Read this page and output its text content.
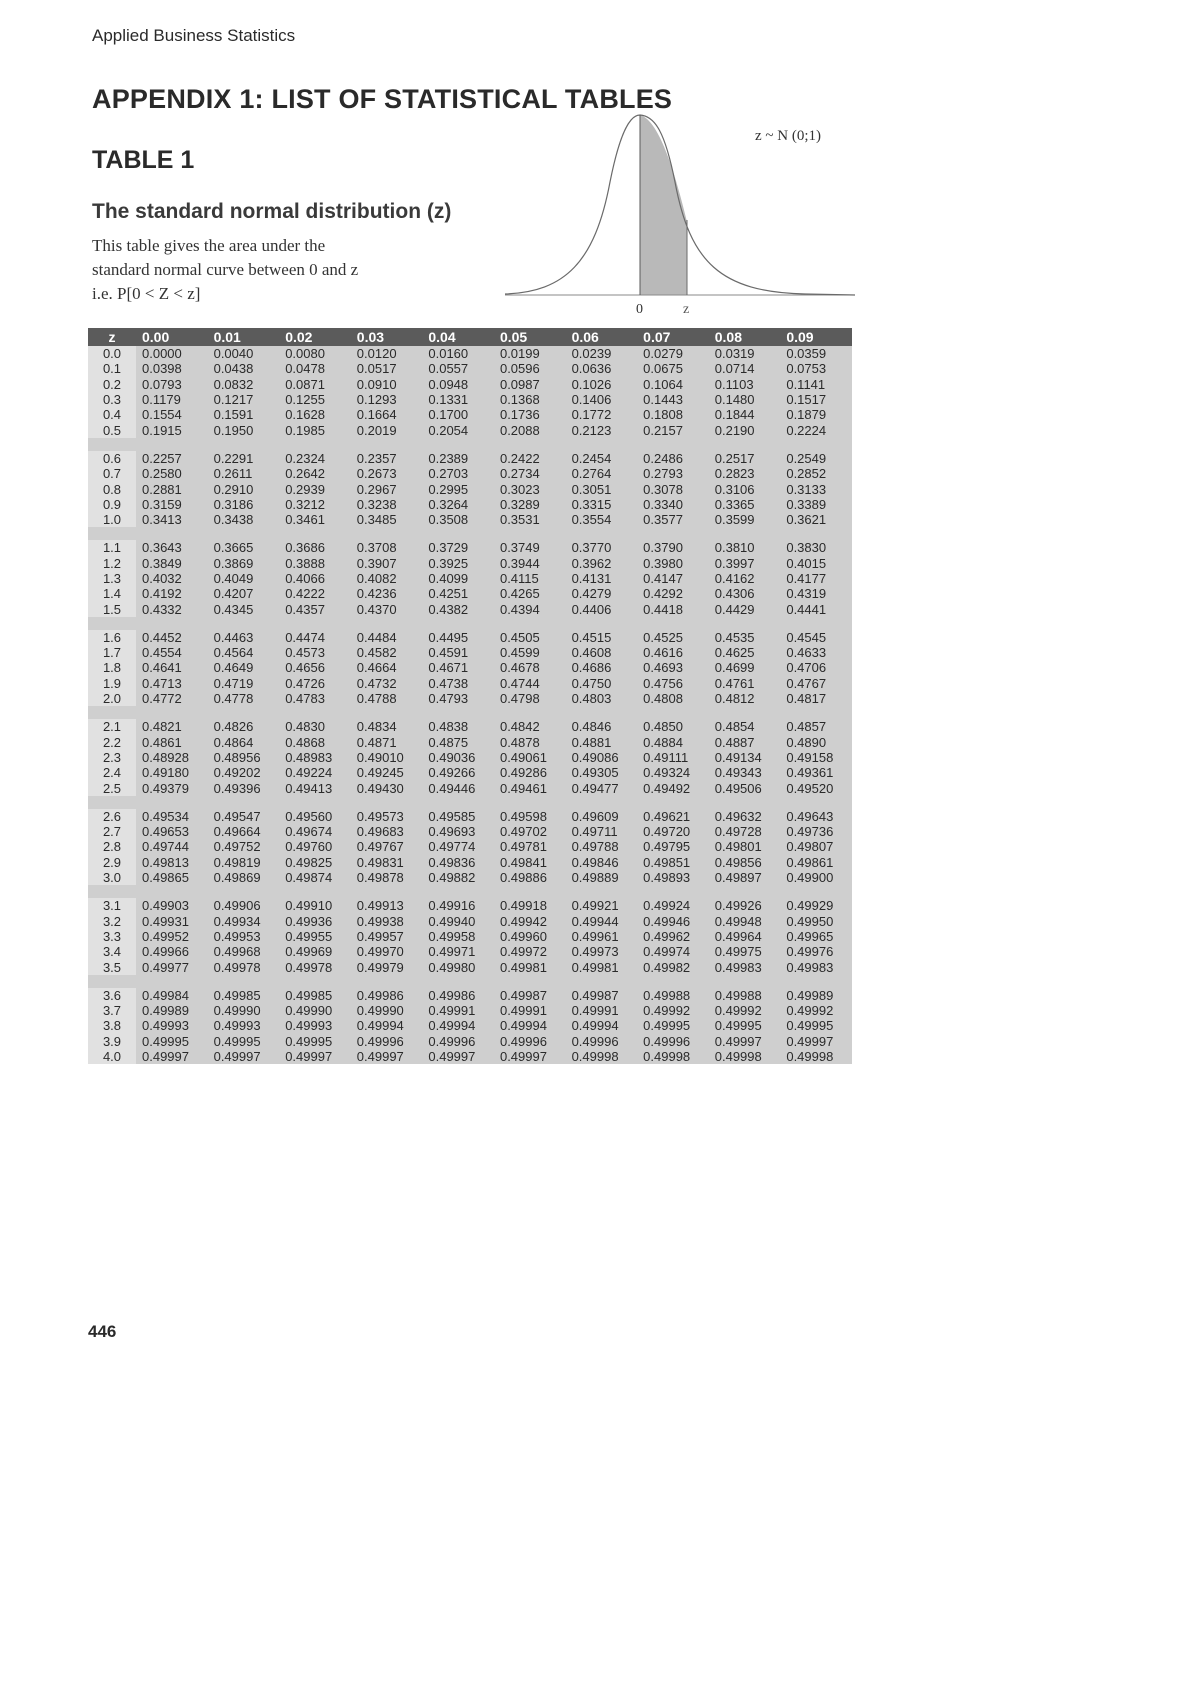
Applied Business Statistics
APPENDIX 1: LIST OF STATISTICAL TABLES
TABLE 1
The standard normal distribution (z)
This table gives the area under the
standard normal curve between 0 and z
i.e. P[0 < Z < z]
z ~ N (0;1)
0	z
z	0.00	0.01	0.02	0.03	0.04	0.05	0.06	0.07	0.08	0.09
0.0	0.0000	0.0040	0.0080	0.0120	0.0160	0.0199	0.0239	0.0279	0.0319	0.0359
0.1	0.0398	0.0438	0.0478	0.0517	0.0557	0.0596	0.0636	0.0675	0.0714	0.0753
0.2	0.0793	0.0832	0.0871	0.0910	0.0948	0.0987	0.1026	0.1064	0.1103	0.1141
0.3	0.1179	0.1217	0.1255	0.1293	0.1331	0.1368	0.1406	0.1443	0.1480	0.1517
0.4	0.1554	0.1591	0.1628	0.1664	0.1700	0.1736	0.1772	0.1808	0.1844	0.1879
0.5	0.1915	0.1950	0.1985	0.2019	0.2054	0.2088	0.2123	0.2157	0.2190	0.2224

0.6	0.2257	0.2291	0.2324	0.2357	0.2389	0.2422	0.2454	0.2486	0.2517	0.2549
0.7	0.2580	0.2611	0.2642	0.2673	0.2703	0.2734	0.2764	0.2793	0.2823	0.2852
0.8	0.2881	0.2910	0.2939	0.2967	0.2995	0.3023	0.3051	0.3078	0.3106	0.3133
0.9	0.3159	0.3186	0.3212	0.3238	0.3264	0.3289	0.3315	0.3340	0.3365	0.3389
1.0	0.3413	0.3438	0.3461	0.3485	0.3508	0.3531	0.3554	0.3577	0.3599	0.3621

1.1	0.3643	0.3665	0.3686	0.3708	0.3729	0.3749	0.3770	0.3790	0.3810	0.3830
1.2	0.3849	0.3869	0.3888	0.3907	0.3925	0.3944	0.3962	0.3980	0.3997	0.4015
1.3	0.4032	0.4049	0.4066	0.4082	0.4099	0.4115	0.4131	0.4147	0.4162	0.4177
1.4	0.4192	0.4207	0.4222	0.4236	0.4251	0.4265	0.4279	0.4292	0.4306	0.4319
1.5	0.4332	0.4345	0.4357	0.4370	0.4382	0.4394	0.4406	0.4418	0.4429	0.4441

1.6	0.4452	0.4463	0.4474	0.4484	0.4495	0.4505	0.4515	0.4525	0.4535	0.4545
1.7	0.4554	0.4564	0.4573	0.4582	0.4591	0.4599	0.4608	0.4616	0.4625	0.4633
1.8	0.4641	0.4649	0.4656	0.4664	0.4671	0.4678	0.4686	0.4693	0.4699	0.4706
1.9	0.4713	0.4719	0.4726	0.4732	0.4738	0.4744	0.4750	0.4756	0.4761	0.4767
2.0	0.4772	0.4778	0.4783	0.4788	0.4793	0.4798	0.4803	0.4808	0.4812	0.4817

2.1	0.4821	0.4826	0.4830	0.4834	0.4838	0.4842	0.4846	0.4850	0.4854	0.4857
2.2	0.4861	0.4864	0.4868	0.4871	0.4875	0.4878	0.4881	0.4884	0.4887	0.4890
2.3	0.48928	0.48956	0.48983	0.49010	0.49036	0.49061	0.49086	0.49111	0.49134	0.49158
2.4	0.49180	0.49202	0.49224	0.49245	0.49266	0.49286	0.49305	0.49324	0.49343	0.49361
2.5	0.49379	0.49396	0.49413	0.49430	0.49446	0.49461	0.49477	0.49492	0.49506	0.49520

2.6	0.49534	0.49547	0.49560	0.49573	0.49585	0.49598	0.49609	0.49621	0.49632	0.49643
2.7	0.49653	0.49664	0.49674	0.49683	0.49693	0.49702	0.49711	0.49720	0.49728	0.49736
2.8	0.49744	0.49752	0.49760	0.49767	0.49774	0.49781	0.49788	0.49795	0.49801	0.49807
2.9	0.49813	0.49819	0.49825	0.49831	0.49836	0.49841	0.49846	0.49851	0.49856	0.49861
3.0	0.49865	0.49869	0.49874	0.49878	0.49882	0.49886	0.49889	0.49893	0.49897	0.49900

3.1	0.49903	0.49906	0.49910	0.49913	0.49916	0.49918	0.49921	0.49924	0.49926	0.49929
3.2	0.49931	0.49934	0.49936	0.49938	0.49940	0.49942	0.49944	0.49946	0.49948	0.49950
3.3	0.49952	0.49953	0.49955	0.49957	0.49958	0.49960	0.49961	0.49962	0.49964	0.49965
3.4	0.49966	0.49968	0.49969	0.49970	0.49971	0.49972	0.49973	0.49974	0.49975	0.49976
3.5	0.49977	0.49978	0.49978	0.49979	0.49980	0.49981	0.49981	0.49982	0.49983	0.49983

3.6	0.49984	0.49985	0.49985	0.49986	0.49986	0.49987	0.49987	0.49988	0.49988	0.49989
3.7	0.49989	0.49990	0.49990	0.49990	0.49991	0.49991	0.49991	0.49992	0.49992	0.49992
3.8	0.49993	0.49993	0.49993	0.49994	0.49994	0.49994	0.49994	0.49995	0.49995	0.49995
3.9	0.49995	0.49995	0.49995	0.49996	0.49996	0.49996	0.49996	0.49996	0.49997	0.49997
4.0	0.49997	0.49997	0.49997	0.49997	0.49997	0.49997	0.49998	0.49998	0.49998	0.49998
446
